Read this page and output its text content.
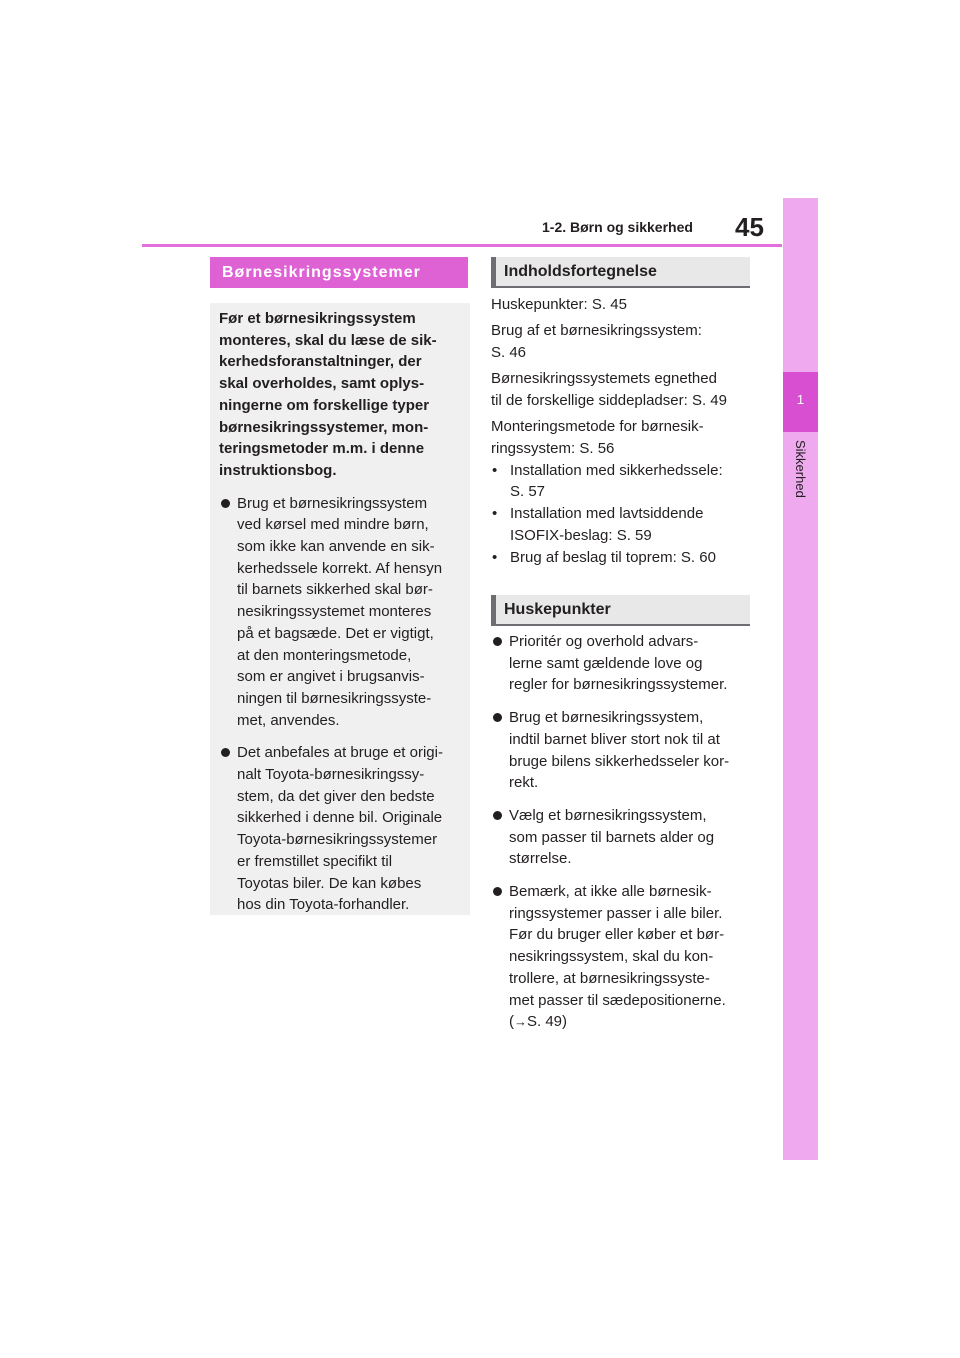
1-2. Børn og sikkerhed 45
1
Sikkerhed
Børnesikringssystemer

Før et børnesikringssystem
monteres, skal du læse de sik-
kerhedsforanstaltninger, der
skal overholdes, samt oplys-
ningerne om forskellige typer
børnesikringssystemer, mon-
teringsmetoder m.m. i denne
instruktionsbog.

Brug et børnesikringssystem
ved kørsel med mindre børn,
som ikke kan anvende en sik-
kerhedssele korrekt. Af hensyn
til barnets sikkerhed skal bør-
nesikringssystemet monteres
på et bagsæde. Det er vigtigt,
at den monteringsmetode,
som er angivet i brugsanvis-
ningen til børnesikringssyste-
met, anvendes.
Det anbefales at bruge et origi-
nalt Toyota-børnesikringssy-
stem, da det giver den bedste
sikkerhed i denne bil. Originale
Toyota-børnesikringssystemer
er fremstillet specifikt til
Toyotas biler. De kan købes
hos din Toyota-forhandler.
Indholdsfortegnelse

Huskepunkter: S. 45

Brug af et børnesikringssystem:
S. 46

Børnesikringssystemets egnethed
til de forskellige siddepladser: S. 49

Monteringsmetode for børnesik-
ringssystem: S. 56

• Installation med sikkerhedssele:
S. 57
• Installation med lavtsiddende
ISOFIX-beslag: S. 59
• Brug af beslag til toprem: S. 60
Huskepunkter
Prioritér og overhold advars-
lerne samt gældende love og
regler for børnesikringssystemer.
Brug et børnesikringssystem,
indtil barnet bliver stort nok til at
bruge bilens sikkerhedsseler kor-
rekt.
Vælg et børnesikringssystem,
som passer til barnets alder og
størrelse.
Bemærk, at ikke alle børnesik-
ringssystemer passer i alle biler.
Før du bruger eller køber et bør-
nesikringssystem, skal du kon-
trollere, at børnesikringssyste-
met passer til sædepositionerne.
(→S. 49)
